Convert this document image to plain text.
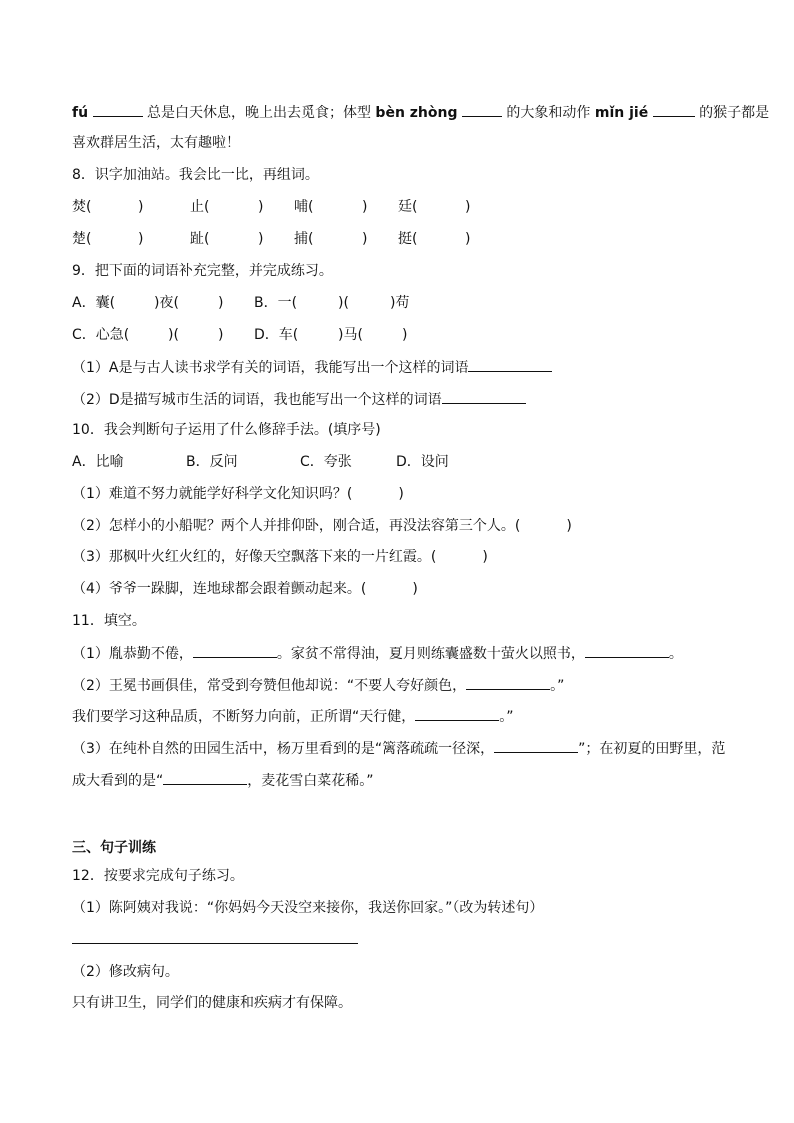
fú	总是白天休息，晚上出去觅食；体型 bèn zhòng	的大象和动作 mǐn jié	的猴子都是
喜欢群居生活，太有趣啦！
8．识字加油站。我会比一比，再组词。
焚(	)	止(	) 哺(	) 廷(	)
楚(	)	趾(	) 捕(	) 挺(	)
9．把下面的词语补充完整，并完成练习。
A．囊(	)夜(	) B．一(	)(	)苟
C．心急(	)(	) D．车(	)马(	)
（1）A是与古人读书求学有关的词语，我能写出一个这样的词语
（2）D是描写城市生活的词语，我也能写出一个这样的词语
10．我会判断句子运用了什么修辞手法。(填序号)
A．比喻	B．反问	C．夸张	D．设问
（1）难道不努力就能学好科学文化知识吗？(	)
（2）怎样小的小船呢？两个人并排仰卧，刚合适，再没法容第三个人。(	)
（3）那枫叶火红火红的，好像天空飘落下来的一片红霞。(	)
（4）爷爷一跺脚，连地球都会跟着颤动起来。(	)
11．填空。
（1）胤恭勤不倦，	。家贫不常得油，夏月则练囊盛数十萤火以照书，	。
（2）王冕书画俱佳，常受到夸赞但他却说：“不要人夸好颜色，	。”
我们要学习这种品质，不断努力向前，正所谓“天行健，	。”
（3）在纯朴自然的田园生活中，杨万里看到的是“篱落疏疏一径深，	”；在初夏的田野里，范
成大看到的是“	，麦花雪白菜花稀。”
三、句子训练
12．按要求完成句子练习。
（1）陈阿姨对我说：“你妈妈今天没空来接你，我送你回家。”（改为转述句）
（2）修改病句。
只有讲卫生，同学们的健康和疾病才有保障。
